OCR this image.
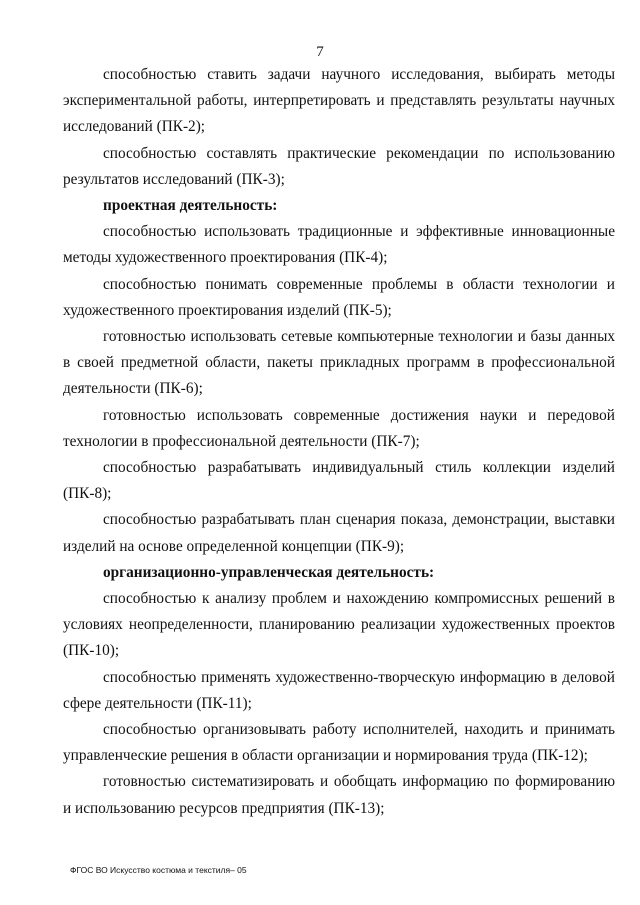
7

способностью ставить задачи научного исследования, выбирать методы экспериментальной работы, интерпретировать и представлять результаты научных исследований (ПК-2);

способностью составлять практические рекомендации по использованию результатов исследований (ПК-3);

проектная деятельность:

способностью использовать традиционные и эффективные инновационные методы художественного проектирования (ПК-4);

способностью понимать современные проблемы в области технологии и художественного проектирования изделий (ПК-5);

готовностью использовать сетевые компьютерные технологии и базы данных в своей предметной области, пакеты прикладных программ в профессиональной деятельности (ПК-6);

готовностью использовать современные достижения науки и передовой технологии в профессиональной деятельности (ПК-7);

способностью разрабатывать индивидуальный стиль коллекции изделий (ПК-8);

способностью разрабатывать план сценария показа, демонстрации, выставки изделий на основе определенной концепции (ПК-9);

организационно-управленческая деятельность:

способностью к анализу проблем и нахождению компромиссных решений в условиях неопределенности, планированию реализации художественных проектов (ПК-10);

способностью применять художественно-творческую информацию в деловой сфере деятельности (ПК-11);

способностью организовывать работу исполнителей, находить и принимать управленческие решения в области организации и нормирования труда (ПК-12);

готовностью систематизировать и обобщать информацию по формированию и использованию ресурсов предприятия (ПК-13);

ФГОС ВО Искусство костюма и текстиля– 05
